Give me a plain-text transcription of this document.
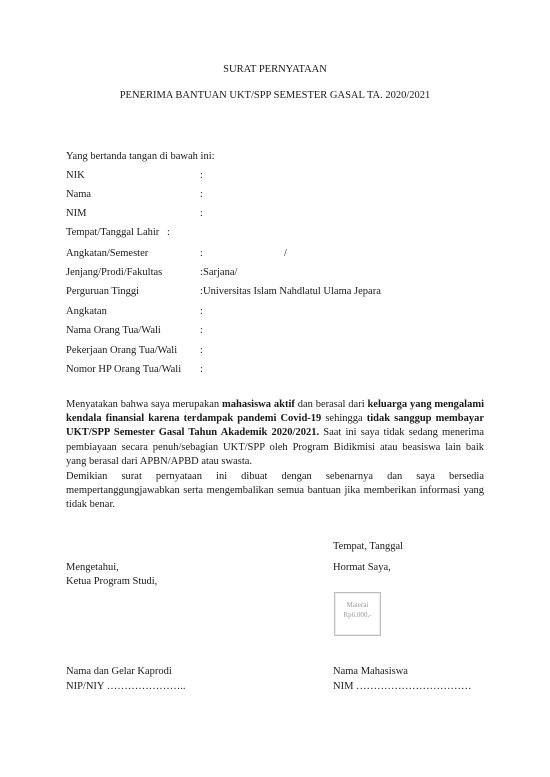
SURAT PERNYATAAN
PENERIMA BANTUAN UKT/SPP SEMESTER GASAL TA. 2020/2021
Yang bertanda tangan di bawah ini:
NIK	:
Nama	:
NIM	:
Tempat/Tanggal Lahir :
Angkatan/Semester	:	/
Jenjang/Prodi/Fakultas	: Sarjana/
Perguruan Tinggi	: Universitas Islam Nahdlatul Ulama Jepara
Angkatan	:
Nama Orang Tua/Wali	:
Pekerjaan Orang Tua/Wali :
Nomor HP Orang Tua/Wali :

Menyatakan bahwa saya merupakan mahasiswa aktif dan berasal dari keluarga yang mengalami kendala finansial karena terdampak pandemi Covid-19 sehingga tidak sanggup membayar UKT/SPP Semester Gasal Tahun Akademik 2020/2021. Saat ini saya tidak sedang menerima pembiayaan secara penuh/sebagian UKT/SPP oleh Program Bidikmisi atau beasiswa lain baik yang berasal dari APBN/APBD atau swasta.

Demikian surat pernyataan ini dibuat dengan sebenarnya dan saya bersedia mempertanggungjawabkan serta mengembalikan semua bantuan jika memberikan informasi yang tidak benar.

Tempat, Tanggal
Mengetahui,
Ketua Program Studi,
Hormat Saya,
Materai
Rp6.000,-
Nama dan Gelar Kaprodi
NIP/NIY …………………..
Nama Mahasiswa
NIM ……………………………
